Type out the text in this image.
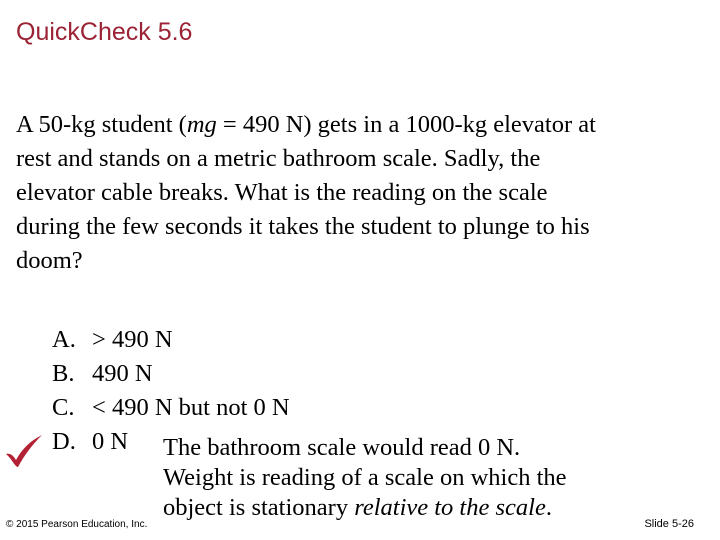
QuickCheck 5.6
A 50-kg student (mg = 490 N) gets in a 1000-kg elevator at
rest and stands on a metric bathroom scale. Sadly, the
elevator cable breaks. What is the reading on the scale
during the few seconds it takes the student to plunge to his
doom?
A. > 490 N
B. 490 N
C. < 490 N but not 0 N
D. 0 N The bathroom scale would read 0 N.
Weight is reading of a scale on which the
object is stationary relative to the scale.
© 2015 Pearson Education, Inc.	Slide 5-26
